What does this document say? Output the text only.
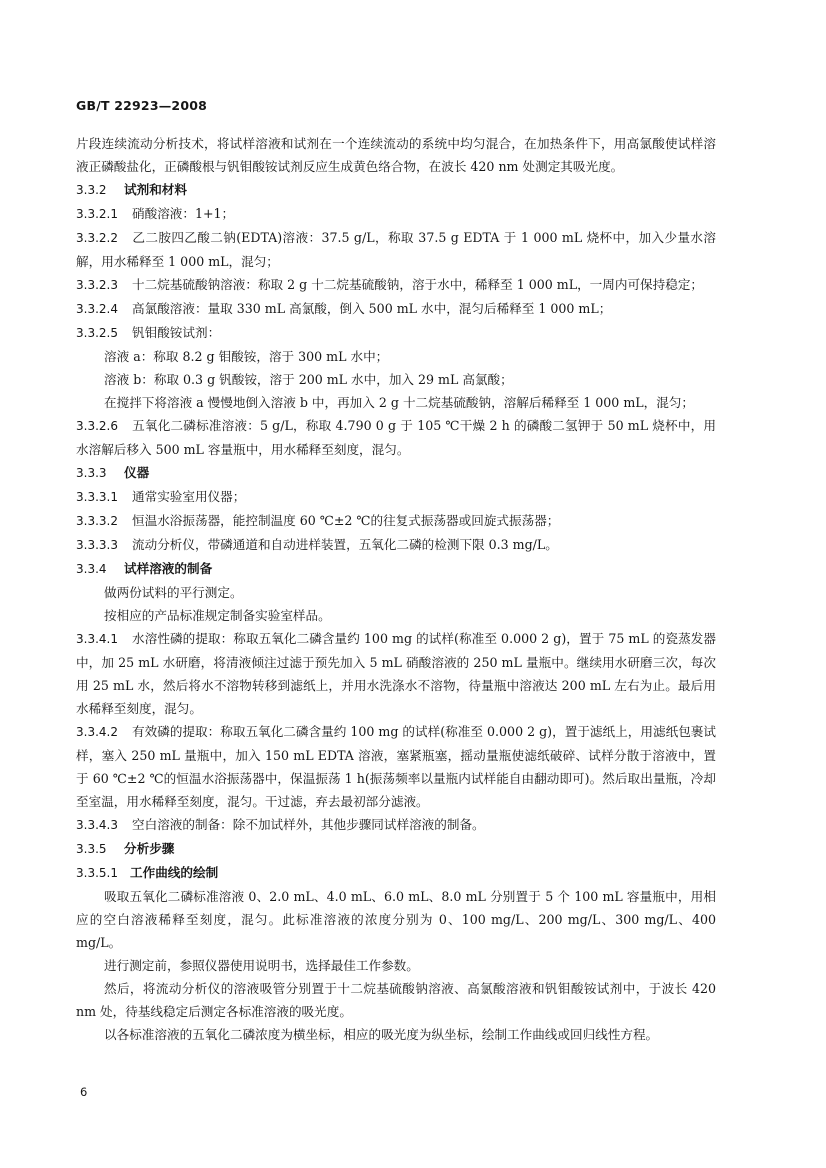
GB/T 22923—2008

片段连续流动分析技术，将试样溶液和试剂在一个连续流动的系统中均匀混合，在加热条件下，用高氯酸使试样溶液正磷酸盐化，正磷酸根与钒钼酸铵试剂反应生成黄色络合物，在波长 420 nm 处测定其吸光度。

3.3.2 试剂和材料

3.3.2.1 硝酸溶液：1+1；

3.3.2.2 乙二胺四乙酸二钠(EDTA)溶液：37.5 g/L，称取 37.5 g EDTA 于 1 000 mL 烧杯中，加入少量水溶解，用水稀释至 1 000 mL，混匀；

3.3.2.3 十二烷基硫酸钠溶液：称取 2 g 十二烷基硫酸钠，溶于水中，稀释至 1 000 mL，一周内可保持稳定；

3.3.2.4 高氯酸溶液：量取 330 mL 高氯酸，倒入 500 mL 水中，混匀后稀释至 1 000 mL；

3.3.2.5 钒钼酸铵试剂：

溶液 a：称取 8.2 g 钼酸铵，溶于 300 mL 水中；

溶液 b：称取 0.3 g 钒酸铵，溶于 200 mL 水中，加入 29 mL 高氯酸；

在搅拌下将溶液 a 慢慢地倒入溶液 b 中，再加入 2 g 十二烷基硫酸钠，溶解后稀释至 1 000 mL，混匀；

3.3.2.6 五氧化二磷标准溶液：5 g/L，称取 4.790 0 g 于 105 ℃干燥 2 h 的磷酸二氢钾于 50 mL 烧杯中，用水溶解后移入 500 mL 容量瓶中，用水稀释至刻度，混匀。

3.3.3 仪器

3.3.3.1 通常实验室用仪器；

3.3.3.2 恒温水浴振荡器，能控制温度 60 ℃±2 ℃的往复式振荡器或回旋式振荡器；

3.3.3.3 流动分析仪，带磷通道和自动进样装置，五氧化二磷的检测下限 0.3 mg/L。

3.3.4 试样溶液的制备

做两份试料的平行测定。

按相应的产品标准规定制备实验室样品。

3.3.4.1 水溶性磷的提取：称取五氧化二磷含量约 100 mg 的试样(称准至 0.000 2 g)，置于 75 mL 的瓷蒸发器中，加 25 mL 水研磨，将清液倾注过滤于预先加入 5 mL 硝酸溶液的 250 mL 量瓶中。继续用水研磨三次，每次用 25 mL 水，然后将水不溶物转移到滤纸上，并用水洗涤水不溶物，待量瓶中溶液达 200 mL 左右为止。最后用水稀释至刻度，混匀。

3.3.4.2 有效磷的提取：称取五氧化二磷含量约 100 mg 的试样(称准至 0.000 2 g)，置于滤纸上，用滤纸包裹试样，塞入 250 mL 量瓶中，加入 150 mL EDTA 溶液，塞紧瓶塞，摇动量瓶使滤纸破碎、试样分散于溶液中，置于 60 ℃±2 ℃的恒温水浴振荡器中，保温振荡 1 h(振荡频率以量瓶内试样能自由翻动即可)。然后取出量瓶，冷却至室温，用水稀释至刻度，混匀。干过滤，弃去最初部分滤液。

3.3.4.3 空白溶液的制备：除不加试样外，其他步骤同试样溶液的制备。

3.3.5 分析步骤

3.3.5.1 工作曲线的绘制

吸取五氧化二磷标准溶液 0、2.0 mL、4.0 mL、6.0 mL、8.0 mL 分别置于 5 个 100 mL 容量瓶中，用相应的空白溶液稀释至刻度，混匀。此标准溶液的浓度分别为 0、100 mg/L、200 mg/L、300 mg/L、400 mg/L。

进行测定前，参照仪器使用说明书，选择最佳工作参数。

然后，将流动分析仪的溶液吸管分别置于十二烷基硫酸钠溶液、高氯酸溶液和钒钼酸铵试剂中，于波长 420 nm 处，待基线稳定后测定各标准溶液的吸光度。

以各标准溶液的五氧化二磷浓度为横坐标，相应的吸光度为纵坐标，绘制工作曲线或回归线性方程。

6
